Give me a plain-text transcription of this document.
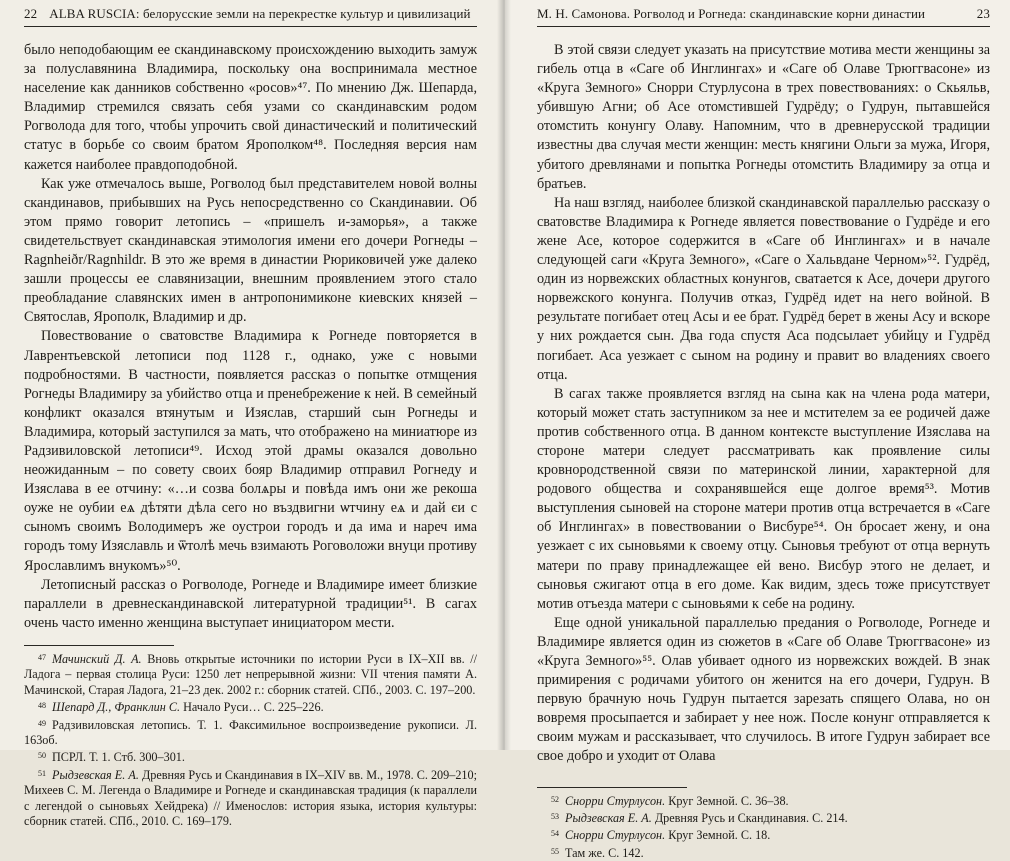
22 ALBA RUSCIA: белорусские земли на перекрестке культур и цивилизаций

было неподобающим ее скандинавскому происхождению выходить замуж за полуславянина Владимира, поскольку она воспринимала местное население как данников собственно «росов»⁴⁷. По мнению Дж. Шепарда, Владимир стремился связать себя узами со скандинавским родом Рогволода для того, чтобы упрочить свой династический и политический статус в борьбе со своим братом Ярополком⁴⁸. Последняя версия нам кажется наиболее правдоподобной.

Как уже отмечалось выше, Рогволод был представителем новой волны скандинавов, прибывших на Русь непосредственно со Скандинавии. Об этом прямо говорит летопись – «пришелъ и-заморья», а также свидетельствует скандинавская этимология имени его дочери Рогнеды – Ragnheiðr/Ragnhildr. В это же время в династии Рюриковичей уже далеко зашли процессы ее славянизации, внешним проявлением этого стало преобладание славянских имен в антропонимиконе киевских князей – Святослав, Ярополк, Владимир и др.

Повествование о сватовстве Владимира к Рогнеде повторяется в Лаврентьевской летописи под 1128 г., однако, уже с новыми подробностями. В частности, появляется рассказ о попытке отмщения Рогнеды Владимиру за убийство отца и пренебрежение к ней. В семейный конфликт оказался втянутым и Изяслав, старший сын Рогнеды и Владимира, который заступился за мать, что отображено на миниатюре из Радзивиловской летописи⁴⁹. Исход этой драмы оказался довольно неожиданным – по совету своих бояр Владимир отправил Рогнеду и Изяслава в ее отчину: «…и созва болѧры и повѣда имъ они же рекоша оуже не оубии еѧ дѣтяти дѣла сего но въздвигни ѡтчину еѧ и дай єи с сыномъ своимъ Володимеръ же оустрои городъ и да има и нареч има городъ тому Изяславль и ѿтолѣ мечь взимають Роговоложи внуци противу Ярославлимъ внукомъ»⁵⁰.

Летописный рассказ о Рогволоде, Рогнеде и Владимире имеет близкие параллели в древнескандинавской литературной традиции⁵¹. В сагах очень часто именно женщина выступает инициатором мести.

$^{47}$ Мачинский Д. А. Вновь открытые источники по истории Руси в IX–XII вв. // Ладога – первая столица Руси: 1250 лет непрерывной жизни: VII чтения памяти А. Мачинской, Старая Ладога, 21–23 дек. 2002 г.: сборник статей. СПб., 2003. С. 197–200.
$^{48}$ Шепард Д., Франклин С. Начало Руси… С. 225–226.
$^{49}$ Радзивиловская летопись. Т. 1. Факсимильное воспроизведение рукописи. Л. 163об.
$^{50}$ ПСРЛ. Т. 1. Стб. 300–301.
$^{51}$ Рыдзевская Е. А. Древняя Русь и Скандинавия в IX–XIV вв. М., 1978. С. 209–210; Михеев С. М. Легенда о Владимире и Рогнеде и скандинавская традиция (к параллели с легендой о сыновьях Хейдрека) // Именослов: история языка, история культуры: сборник статей. СПб., 2010. С. 169–179.
М. Н. Самонова. Рогволод и Рогнеда: скандинавские корни династии	23

В этой связи следует указать на присутствие мотива мести женщины за гибель отца в «Саге об Инглингах» и «Саге об Олаве Трюггвасоне» из «Круга Земного» Снорри Стурлусона в трех повествованиях: о Скьяльв, убившую Агни; об Асе отомстившей Гудрёду; о Гудрун, пытавшейся отомстить конунгу Олаву. Напомним, что в древнерусской традиции известны два случая мести женщин: месть княгини Ольги за мужа, Игоря, убитого древлянами и попытка Рогнеды отомстить Владимиру за отца и братьев.

На наш взгляд, наиболее близкой скандинавской параллелью рассказу о сватовстве Владимира к Рогнеде является повествование о Гудрёде и его жене Асе, которое содержится в «Саге об Инглингах» и в начале следующей саги «Круга Земного», «Саге о Хальвдане Черном»⁵². Гудрёд, один из норвежских областных конунгов, сватается к Асе, дочери другого норвежского конунга. Получив отказ, Гудрёд идет на него войной. В результате погибает отец Асы и ее брат. Гудрёд берет в жены Асу и вскоре у них рождается сын. Два года спустя Аса подсылает убийцу и Гудрёд погибает. Аса уезжает с сыном на родину и правит во владениях своего отца.

В сагах также проявляется взгляд на сына как на члена рода матери, который может стать заступником за нее и мстителем за ее родичей даже против собственного отца. В данном контексте выступление Изяслава на стороне матери следует рассматривать как проявление силы кровнородственной связи по материнской линии, характерной для родового общества и сохранявшейся еще долгое время⁵³. Мотив выступления сыновей на стороне матери против отца встречается в «Саге об Инглингах» в повествовании о Висбуре⁵⁴. Он бросает жену, и она уезжает с их сыновьями к своему отцу. Сыновья требуют от отца вернуть матери по праву принадлежащее ей вено. Висбур этого не делает, и сыновья сжигают отца в его доме. Как видим, здесь тоже присутствует мотив отъезда матери с сыновьями к себе на родину.

Еще одной уникальной параллелью предания о Рогволоде, Рогнеде и Владимире является один из сюжетов в «Саге об Олаве Трюггвасоне» из «Круга Земного»⁵⁵. Олав убивает одного из норвежских вождей. В знак примирения с родичами убитого он женится на его дочери, Гудрун. В первую брачную ночь Гудрун пытается зарезать спящего Олава, но он вовремя просыпается и забирает у нее нож. После конунг отправляется к своим мужам и рассказывает, что случилось. В итоге Гудрун забирает все свое добро и уходит от Олава

$^{52}$ Снорри Стурлусон. Круг Земной. С. 36–38.
$^{53}$ Рыдзевская Е. А. Древняя Русь и Скандинавия. С. 214.
$^{54}$ Снорри Стурлусон. Круг Земной. С. 18.
$^{55}$ Там же. С. 142.
